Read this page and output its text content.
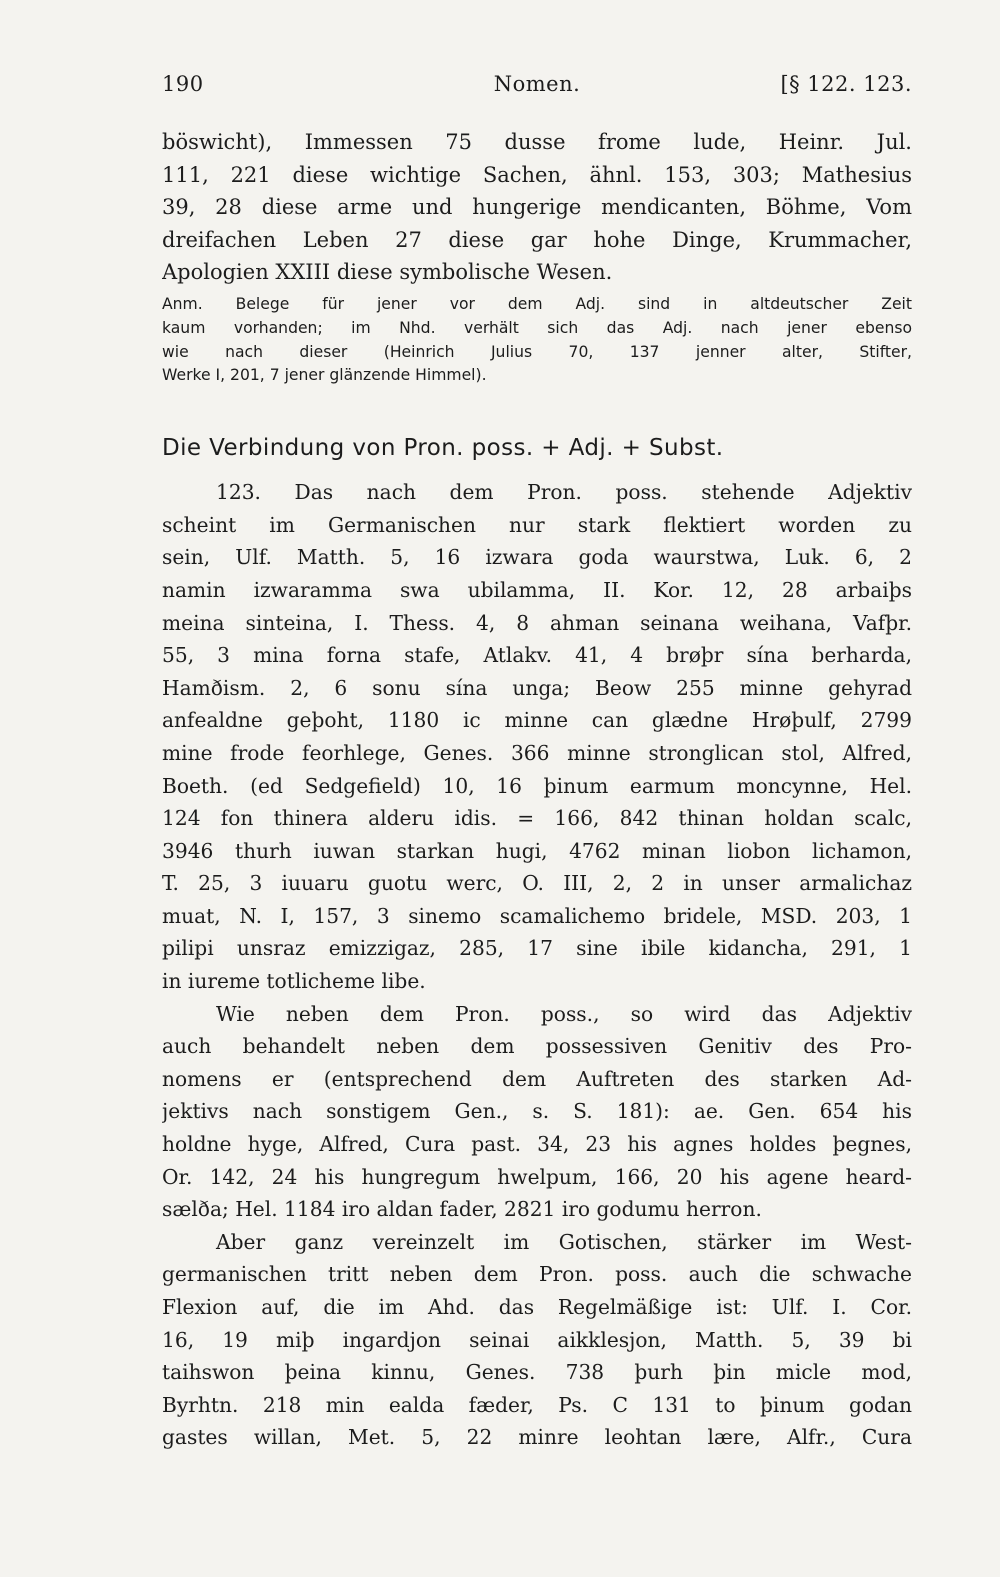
190	Nomen.	[§ 122. 123.
böswicht), Immessen 75 dusse frome lude, Heinr. Jul.
111, 221 diese wichtige Sachen, ähnl. 153, 303; Mathesius
39, 28 diese arme und hungerige mendicanten, Böhme, Vom
dreifachen Leben 27 diese gar hohe Dinge, Krummacher,
Apologien XXIII diese symbolische Wesen.
Anm. Belege für jener vor dem Adj. sind in altdeutscher Zeit
kaum vorhanden; im Nhd. verhält sich das Adj. nach jener ebenso
wie nach dieser (Heinrich Julius 70, 137 jenner alter, Stifter,
Werke I, 201, 7 jener glänzende Himmel).
Die Verbindung von Pron. poss. + Adj. + Subst.
123. Das nach dem Pron. poss. stehende Adjektiv
scheint im Germanischen nur stark flektiert worden zu
sein, Ulf. Matth. 5, 16 izwara goda waurstwa, Luk. 6, 2
namin izwaramma swa ubilamma, II. Kor. 12, 28 arbaiþs
meina sinteina, I. Thess. 4, 8 ahman seinana weihana, Vafþr.
55, 3 mina forna stafe, Atlakv. 41, 4 brøþr sína berharda,
Hamðism. 2, 6 sonu sína unga; Beow 255 minne gehyrad
anfealdne geþoht, 1180 ic minne can glædne Hrøþulf, 2799
mine frode feorhlege, Genes. 366 minne stronglican stol, Alfred,
Boeth. (ed Sedgefield) 10, 16 þinum earmum moncynne, Hel.
124 fon thinera alderu idis. = 166, 842 thinan holdan scalc,
3946 thurh iuwan starkan hugi, 4762 minan liobon lichamon,
T. 25, 3 iuuaru guotu werc, O. III, 2, 2 in unser armalichaz
muat, N. I, 157, 3 sinemo scamalichemo bridele, MSD. 203, 1
pilipi unsraz emizzigaz, 285, 17 sine ibile kidancha, 291, 1
in iureme totlicheme libe.
Wie neben dem Pron. poss., so wird das Adjektiv
auch behandelt neben dem possessiven Genitiv des Pro-
nomens er (entsprechend dem Auftreten des starken Ad-
jektivs nach sonstigem Gen., s. S. 181): ae. Gen. 654 his
holdne hyge, Alfred, Cura past. 34, 23 his agnes holdes þegnes,
Or. 142, 24 his hungregum hwelpum, 166, 20 his agene heard-
sælða; Hel. 1184 iro aldan fader, 2821 iro godumu herron.
Aber ganz vereinzelt im Gotischen, stärker im West-
germanischen tritt neben dem Pron. poss. auch die schwache
Flexion auf, die im Ahd. das Regelmäßige ist: Ulf. I. Cor.
16, 19 miþ ingardjon seinai aikklesjon, Matth. 5, 39 bi
taihswon þeina kinnu, Genes. 738 þurh þin micle mod,
Byrhtn. 218 min ealda fæder, Ps. C 131 to þinum godan
gastes willan, Met. 5, 22 minre leohtan lære, Alfr., Cura
